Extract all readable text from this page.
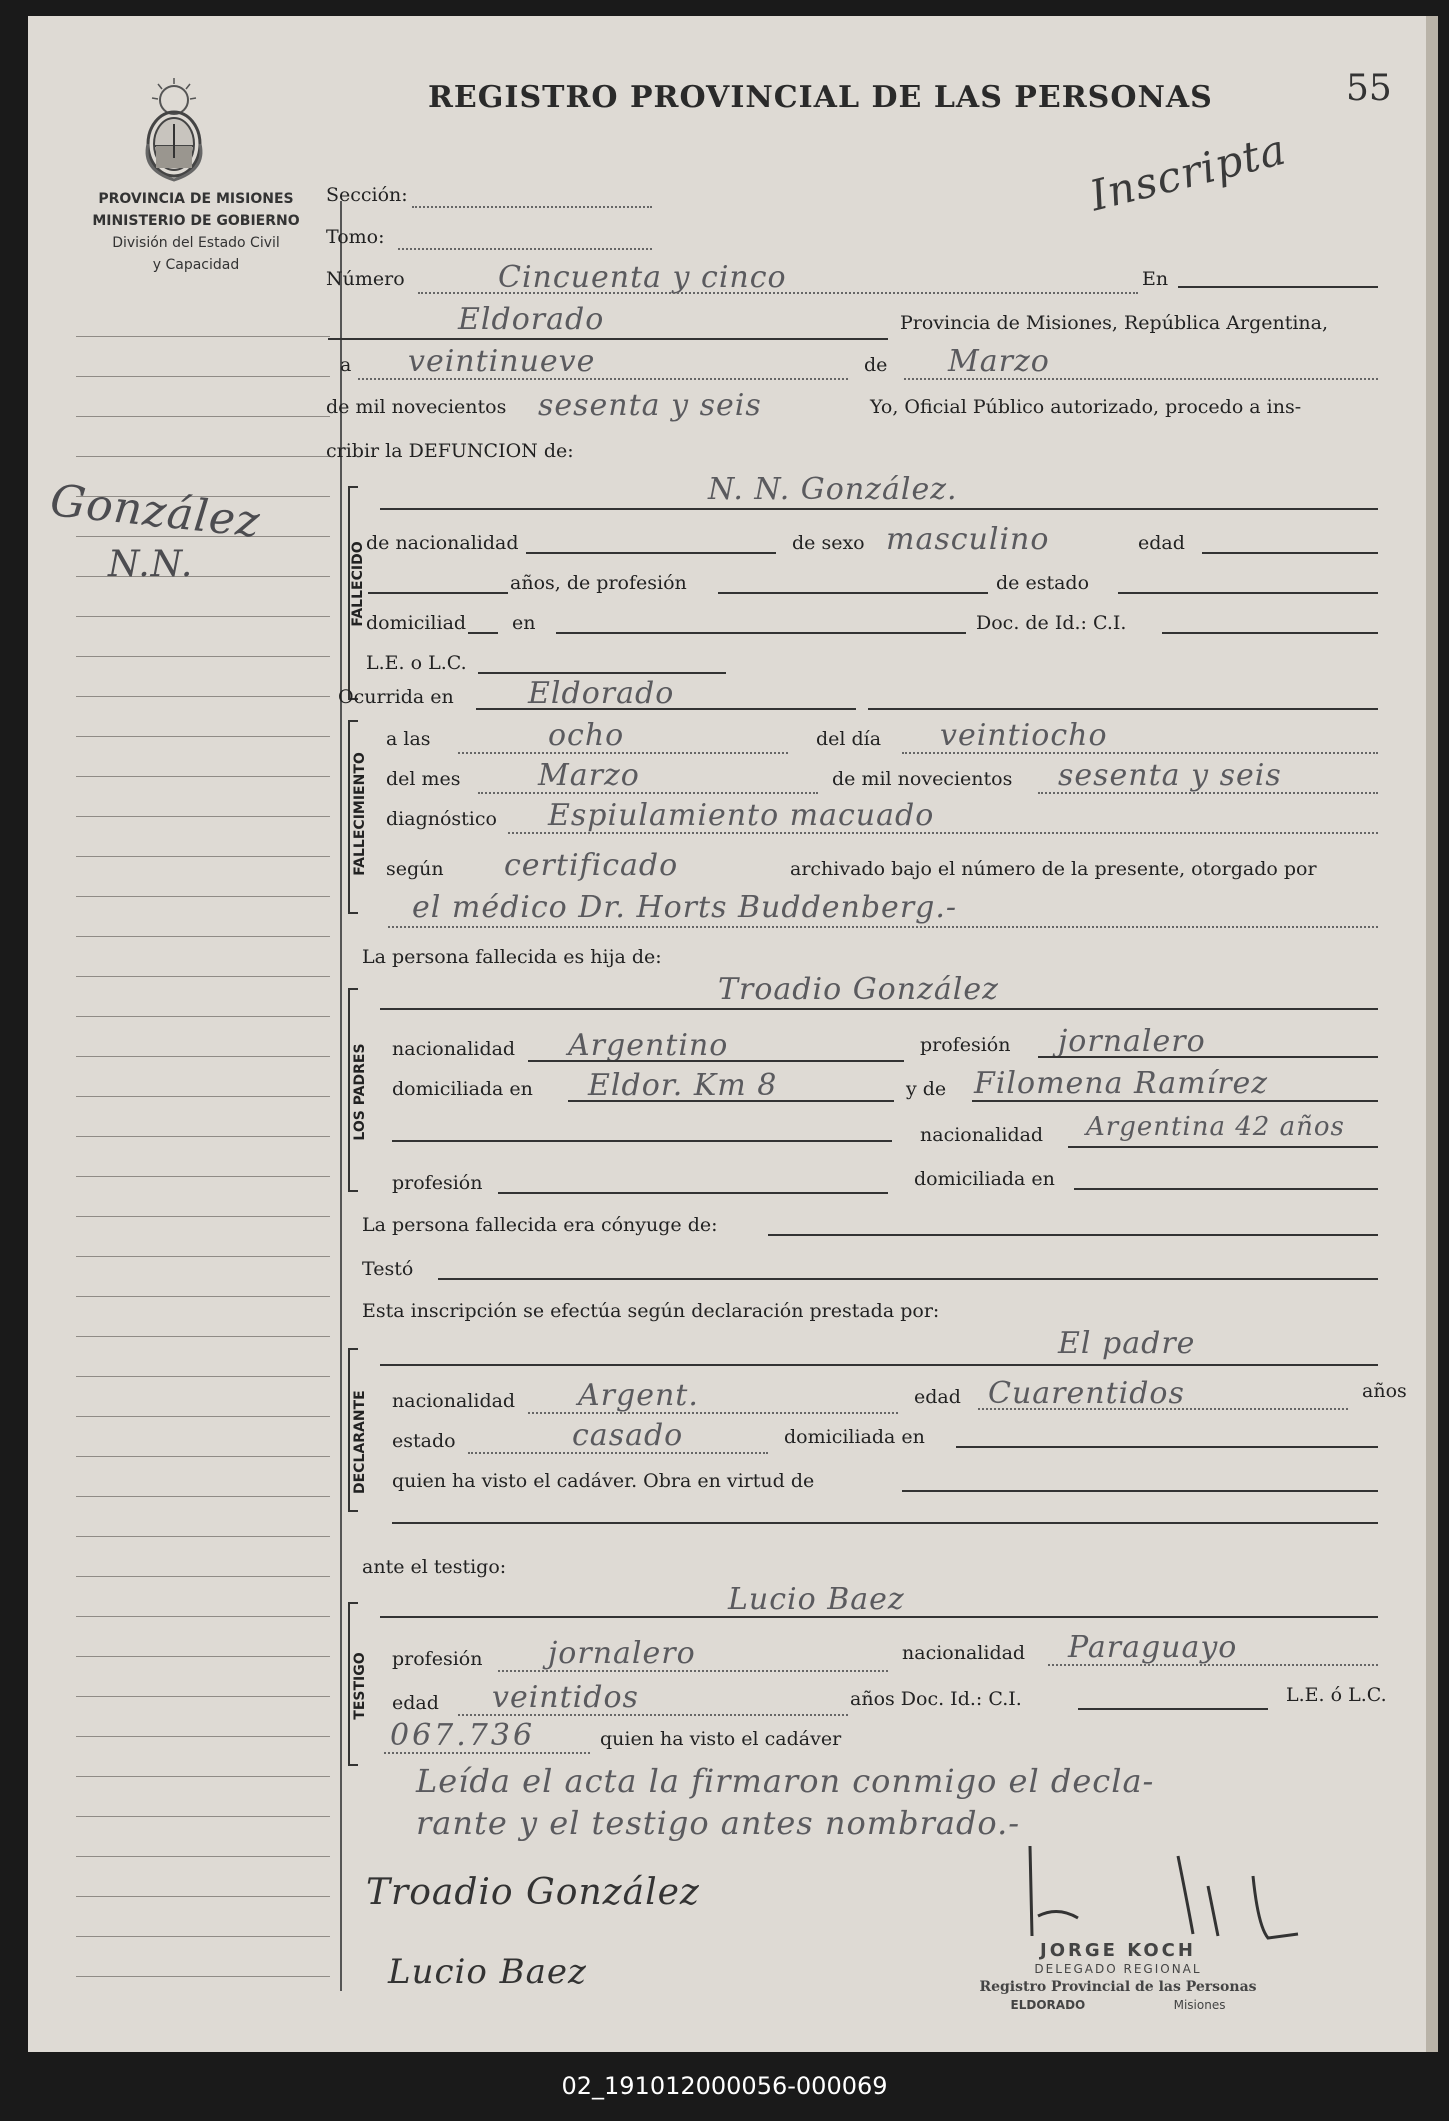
PROVINCIA DE MISIONES
MINISTERIO DE GOBIERNO
División del Estado Civil
y Capacidad
REGISTRO PROVINCIAL DE LAS PERSONAS	55
Inscripta
González
N.N.
Sección:
Tomo:
Número	Cincuenta y cinco	En
Eldorado	Provincia de Misiones, República Argentina,
a veintinueve	de Marzo
de mil novecientos sesenta y seis	Yo, Oficial Público autorizado, procedo a ins-
cribir la DEFUNCION de:
FALLECIDO
N. N. González.
de nacionalidad	de sexo masculino	edad
años, de profesión	de estado
domiciliad en	Doc. de Id.: C.I.
L.E. o L.C.
Ocurrida en Eldorado
FALLECIMIENTO
a las	ocho	del día veintiocho
del mes	Marzo	de mil novecientos sesenta y seis
diagnóstico Espiulamiento macuado
según certificado	archivado bajo el número de la presente, otorgado por
el médico Dr. Horts Buddenberg.-
La persona fallecida es hija de:
LOS PADRES
Troadio González
nacionalidad Argentino	profesión jornalero
domiciliada en Eldor. Km 8	y de Filomena Ramírez
nacionalidad Argentina 42 años
profesión	domiciliada en
La persona fallecida era cónyuge de:
Testó
Esta inscripción se efectúa según declaración prestada por:
DECLARANTE
El padre
nacionalidad Argent.	edad Cuarentidos	años
estado	casado	domiciliada en
quien ha visto el cadáver. Obra en virtud de
ante el testigo:
TESTIGO
Lucio Baez
profesión jornalero	nacionalidad Paraguayo
edad veintidos	años Doc. Id.: C.I.	L.E. ó L.C.
067.736	quien ha visto el cadáver
Leída el acta la firmaron conmigo el decla-
rante y el testigo antes nombrado.-
Troadio González
Lucio Baez
JORGE KOCH
DELEGADO REGIONAL
Registro Provincial de las Personas
ELDORADO	Misiones
02_191012000056-000069
